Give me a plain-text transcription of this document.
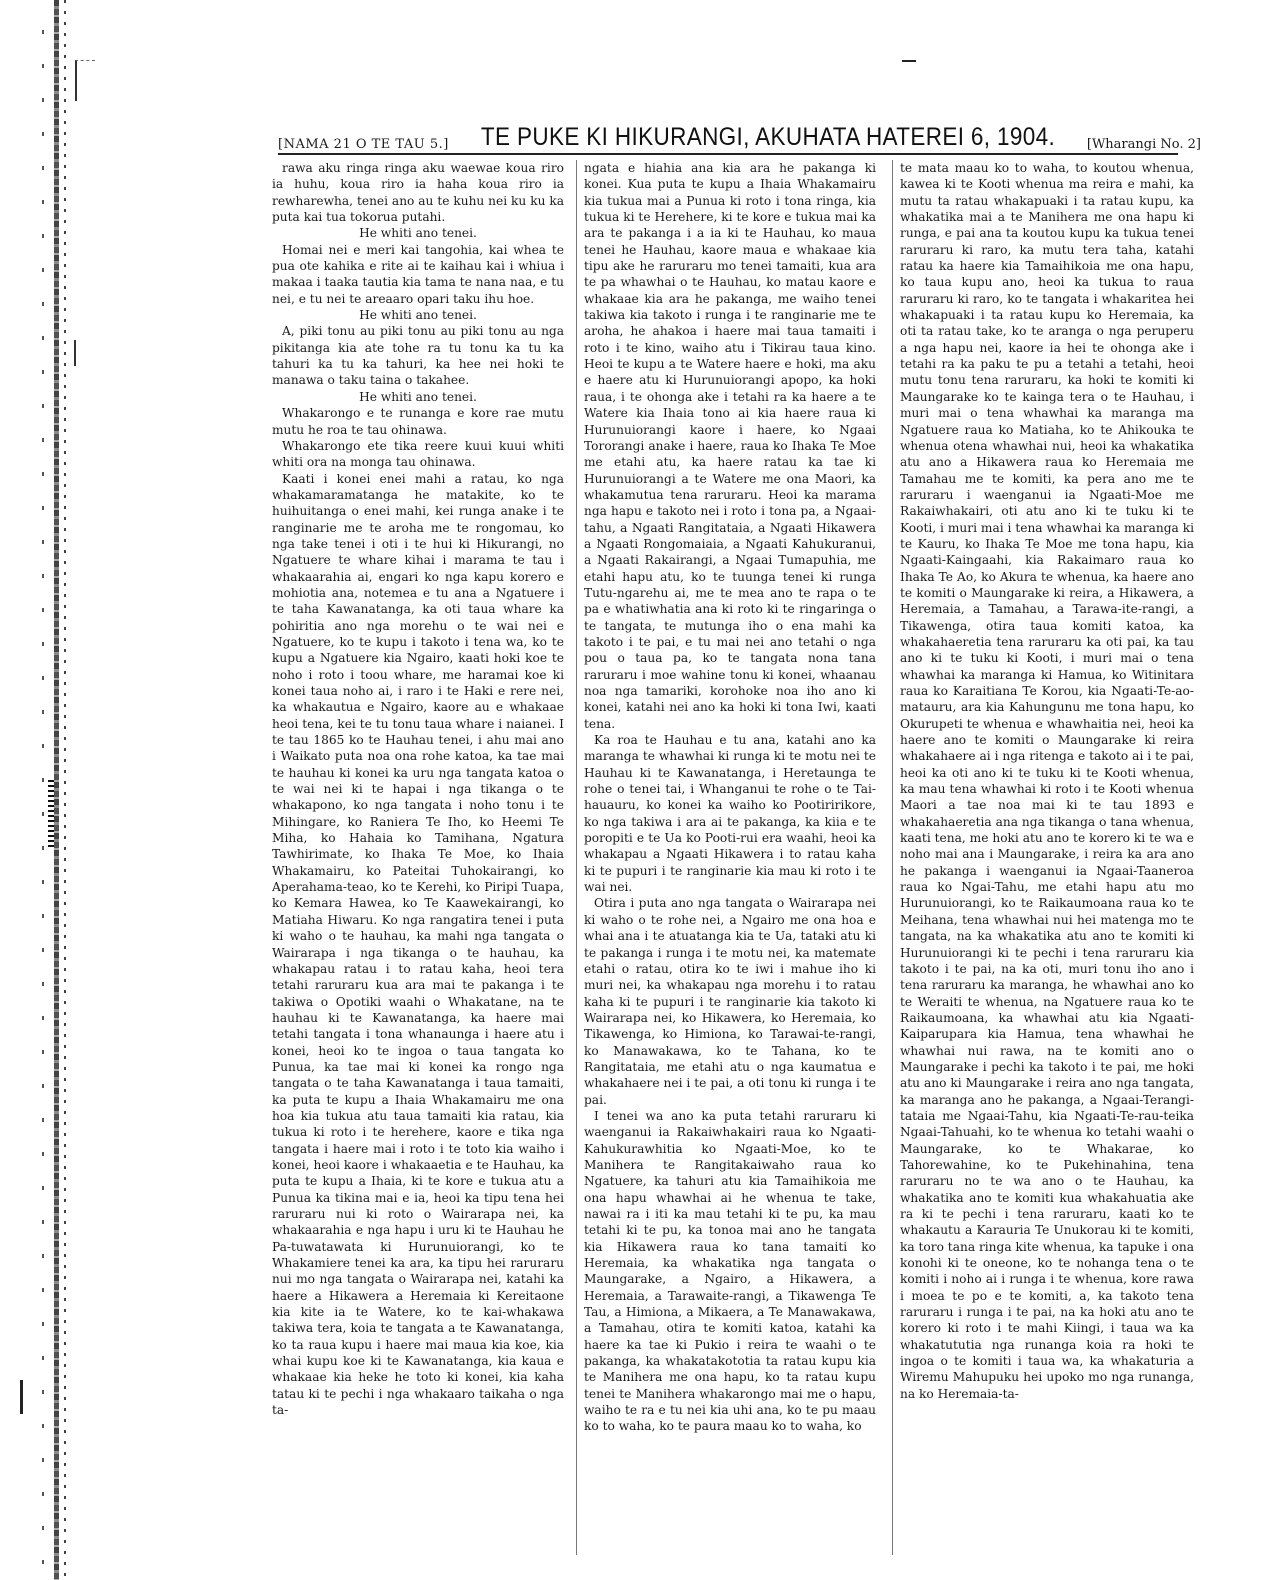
[NAMA 21 O TE TAU 5.] TE PUKE KI HIKURANGI, AKUHATA HATEREI 6, 1904. [Wharangi No. 2]

rawa aku ringa ringa aku waewae koua riro ia huhu, koua riro ia haha koua riro ia rewharewha, tenei ano au te kuhu nei ku ku ka puta kai tua tokorua putahi.

He whiti ano tenei.

Homai nei e meri kai tangohia, kai whea te pua ote kahika e rite ai te kaihau kai i whiua i makaa i taaka tautia kia tama te nana naa, e tu nei, e tu nei te areaaro opari taku ihu hoe.

He whiti ano tenei.

A, piki tonu au piki tonu au piki tonu au nga pikitanga kia ate tohe ra tu tonu ka tu ka tahuri ka tu ka tahuri, ka hee nei hoki te manawa o taku taina o takahee.

He whiti ano tenei.

Whakarongo e te runanga e kore rae mutu mutu he roa te tau ohinawa.

Whakarongo ete tika reere kuui kuui whiti whiti ora na monga tau ohinawa.

Kaati i konei enei mahi a ratau, ko nga whakamaramatanga he matakite, ko te huihuitanga o enei mahi, kei runga anake i te ranginarie me te aroha me te rongomau, ko nga take tenei i oti i te hui ki Hikurangi, no Ngatuere te whare kihai i marama te tau i whakaarahia ai, engari ko nga kapu korero e mohiotia ana, notemea e tu ana a Ngatuere i te taha Kawanatanga, ka oti taua whare ka pohiritia ano nga morehu o te wai nei e Ngatuere, ko te kupu i takoto i tena wa, ko te kupu a Ngatuere kia Ngairo, kaati hoki koe te noho i roto i toou whare, me haramai koe ki konei taua noho ai, i raro i te Haki e rere nei, ka whakautua e Ngairo, kaore au e whakaae heoi tena, kei te tu tonu taua whare i naianei. I te tau 1865 ko te Hauhau tenei, i ahu mai ano i Waikato puta noa ona rohe katoa, ka tae mai te hauhau ki konei ka uru nga tangata katoa o te wai nei ki te hapai i nga tikanga o te whakapono, ko nga tangata i noho tonu i te Mihingare, ko Raniera Te Iho, ko Heemi Te Miha, ko Hahaia ko Tamihana, Ngatura Tawhirimate, ko Ihaka Te Moe, ko Ihaia Whakamairu, ko Pateitai Tuhokairangi, ko Aperahama-teao, ko te Kerehi, ko Piripi Tuapa, ko Kemara Hawea, ko Te Kaawekairangi, ko Matiaha Hiwaru. Ko nga rangatira tenei i puta ki waho o te hauhau, ka mahi nga tangata o Wairarapa i nga tikanga o te hauhau, ka whakapau ratau i to ratau kaha, heoi tera tetahi raruraru kua ara mai te pakanga i te takiwa o Opotiki waahi o Whakatane, na te hauhau ki te Kawanatanga, ka haere mai tetahi tangata i tona whanaunga i haere atu i konei, heoi ko te ingoa o taua tangata ko Punua, ka tae mai ki konei ka rongo nga tangata o te taha Kawanatanga i taua tamaiti, ka puta te kupu a Ihaia Whakamairu me ona hoa kia tukua atu taua tamaiti kia ratau, kia tukua ki roto i te herehere, kaore e tika nga tangata i haere mai i roto i te toto kia waiho i konei, heoi kaore i whakaaetia e te Hauhau, ka puta te kupu a Ihaia, ki te kore e tukua atu a Punua ka tikina mai e ia, heoi ka tipu tena hei raruraru nui ki roto o Wairarapa nei, ka whakaarahia e nga hapu i uru ki te Hauhau he Pa-tuwatawata ki Hurunuiorangi, ko te Whakamiere tenei ka ara, ka tipu hei raruraru nui mo nga tangata o Wairarapa nei, katahi ka haere a Hikawera a Heremaia ki Kereitaone kia kite ia te Watere, ko te kai-whakawa takiwa tera, koia te tangata a te Kawanatanga, ko ta raua kupu i haere mai maua kia koe, kia whai kupu koe ki te Kawanatanga, kia kaua e whakaae kia heke he toto ki konei, kia kaha tatau ki te pechi i nga whakaaro taikaha o nga ta-

ngata e hiahia ana kia ara he pakanga ki konei. Kua puta te kupu a Ihaia Whakamairu kia tukua mai a Punua ki roto i tona ringa, kia tukua ki te Herehere, ki te kore e tukua mai ka ara te pakanga i a ia ki te Hauhau, ko maua tenei he Hauhau, kaore maua e whakaae kia tipu ake he raruraru mo tenei tamaiti, kua ara te pa whawhai o te Hauhau, ko matau kaore e whakaae kia ara he pakanga, me waiho tenei takiwa kia takoto i runga i te ranginarie me te aroha, he ahakoa i haere mai taua tamaiti i roto i te kino, waiho atu i Tikirau taua kino. Heoi te kupu a te Watere haere e hoki, ma aku e haere atu ki Hurunuiorangi apopo, ka hoki raua, i te ohonga ake i tetahi ra ka haere a te Watere kia Ihaia tono ai kia haere raua ki Hurunuiorangi kaore i haere, ko Ngaai Tororangi anake i haere, raua ko Ihaka Te Moe me etahi atu, ka haere ratau ka tae ki Hurunuiorangi a te Watere me ona Maori, ka whakamutua tena raruraru. Heoi ka marama nga hapu e takoto nei i roto i tona pa, a Ngaai-tahu, a Ngaati Rangitataia, a Ngaati Hikawera a Ngaati Rongomaiaia, a Ngaati Kahukuranui, a Ngaati Rakairangi, a Ngaai Tumapuhia, me etahi hapu atu, ko te tuunga tenei ki runga Tutu-ngarehu ai, me te mea ano te rapa o te pa e whatiwhatia ana ki roto ki te ringaringa o te tangata, te mutunga iho o ena mahi ka takoto i te pai, e tu mai nei ano tetahi o nga pou o taua pa, ko te tangata nona tana raruraru i moe wahine tonu ki konei, whaanau noa nga tamariki, korohoke noa iho ano ki konei, katahi nei ano ka hoki ki tona Iwi, kaati tena.

Ka roa te Hauhau e tu ana, katahi ano ka maranga te whawhai ki runga ki te motu nei te Hauhau ki te Kawanatanga, i Heretaunga te rohe o tenei tai, i Whanganui te rohe o te Tai-hauauru, ko konei ka waiho ko Pootiririkore, ko nga takiwa i ara ai te pakanga, ka kiia e te poropiti e te Ua ko Pooti-rui era waahi, heoi ka whakapau a Ngaati Hikawera i to ratau kaha ki te pupuri i te ranginarie kia mau ki roto i te wai nei.

Otira i puta ano nga tangata o Wairarapa nei ki waho o te rohe nei, a Ngairo me ona hoa e whai ana i te atuatanga kia te Ua, tataki atu ki te pakanga i runga i te motu nei, ka matemate etahi o ratau, otira ko te iwi i mahue iho ki muri nei, ka whakapau nga morehu i to ratau kaha ki te pupuri i te ranginarie kia takoto ki Wairarapa nei, ko Hikawera, ko Heremaia, ko Tikawenga, ko Himiona, ko Tarawai-te-rangi, ko Manawakawa, ko te Tahana, ko te Rangitataia, me etahi atu o nga kaumatua e whakahaere nei i te pai, a oti tonu ki runga i te pai.

I tenei wa ano ka puta tetahi raruraru ki waenganui ia Rakaiwhakairi raua ko Ngaati-Kahukurawhitia ko Ngaati-Moe, ko te Manihera te Rangitakaiwaho raua ko Ngatuere, ka tahuri atu kia Tamaihikoia me ona hapu whawhai ai he whenua te take, nawai ra i iti ka mau tetahi ki te pu, ka mau tetahi ki te pu, ka tonoa mai ano he tangata kia Hikawera raua ko tana tamaiti ko Heremaia, ka whakatika nga tangata o Maungarake, a Ngairo, a Hikawera, a Heremaia, a Tarawaite-rangi, a Tikawenga Te Tau, a Himiona, a Mikaera, a Te Manawakawa, a Tamahau, otira te komiti katoa, katahi ka haere ka tae ki Pukio i reira te waahi o te pakanga, ka whakatakototia ta ratau kupu kia te Manihera me ona hapu, ko ta ratau kupu tenei te Manihera whakarongo mai me o hapu, waiho te ra e tu nei kia uhi ana, ko te pu maau ko to waha, ko te paura maau ko to waha, ko

te mata maau ko to waha, to koutou whenua, kawea ki te Kooti whenua ma reira e mahi, ka mutu ta ratau whakapuaki i ta ratau kupu, ka whakatika mai a te Manihera me ona hapu ki runga, e pai ana ta koutou kupu ka tukua tenei raruraru ki raro, ka mutu tera taha, katahi ratau ka haere kia Tamaihikoia me ona hapu, ko taua kupu ano, heoi ka tukua to raua raruraru ki raro, ko te tangata i whakaritea hei whakapuaki i ta ratau kupu ko Heremaia, ka oti ta ratau take, ko te aranga o nga peruperu a nga hapu nei, kaore ia hei te ohonga ake i tetahi ra ka paku te pu a tetahi a tetahi, heoi mutu tonu tena raruraru, ka hoki te komiti ki Maungarake ko te kainga tera o te Hauhau, i muri mai o tena whawhai ka maranga ma Ngatuere raua ko Matiaha, ko te Ahikouka te whenua otena whawhai nui, heoi ka whakatika atu ano a Hikawera raua ko Heremaia me Tamahau me te komiti, ka pera ano me te raruraru i waenganui ia Ngaati-Moe me Rakaiwhakairi, oti atu ano ki te tuku ki te Kooti, i muri mai i tena whawhai ka maranga ki te Kauru, ko Ihaka Te Moe me tona hapu, kia Ngaati-Kaingaahi, kia Rakaimaro raua ko Ihaka Te Ao, ko Akura te whenua, ka haere ano te komiti o Maungarake ki reira, a Hikawera, a Heremaia, a Tamahau, a Tarawa-ite-rangi, a Tikawenga, otira taua komiti katoa, ka whakahaeretia tena raruraru ka oti pai, ka tau ano ki te tuku ki Kooti, i muri mai o tena whawhai ka maranga ki Hamua, ko Witinitara raua ko Karaitiana Te Korou, kia Ngaati-Te-ao-matauru, ara kia Kahungunu me tona hapu, ko Okurupeti te whenua e whawhaitia nei, heoi ka haere ano te komiti o Maungarake ki reira whakahaere ai i nga ritenga e takoto ai i te pai, heoi ka oti ano ki te tuku ki te Kooti whenua, ka mau tena whawhai ki roto i te Kooti whenua Maori a tae noa mai ki te tau 1893 e whakahaeretia ana nga tikanga o tana whenua, kaati tena, me hoki atu ano te korero ki te wa e noho mai ana i Maungarake, i reira ka ara ano he pakanga i waenganui ia Ngaai-Taaneroa raua ko Ngai-Tahu, me etahi hapu atu mo Hurunuiorangi, ko te Raikaumoana raua ko te Meihana, tena whawhai nui hei matenga mo te tangata, na ka whakatika atu ano te komiti ki Hurunuiorangi ki te pechi i tena raruraru kia takoto i te pai, na ka oti, muri tonu iho ano i tena raruraru ka maranga, he whawhai ano ko te Weraiti te whenua, na Ngatuere raua ko te Raikaumoana, ka whawhai atu kia Ngaati-Kaiparupara kia Hamua, tena whawhai he whawhai nui rawa, na te komiti ano o Maungarake i pechi ka takoto i te pai, me hoki atu ano ki Maungarake i reira ano nga tangata, ka maranga ano he pakanga, a Ngaai-Terangi-tataia me Ngaai-Tahu, kia Ngaati-Te-rau-teika Ngaai-Tahuahi, ko te whenua ko tetahi waahi o Maungarake, ko te Whakarae, ko Tahorewahine, ko te Pukehinahina, tena raruraru no te wa ano o te Hauhau, ka whakatika ano te komiti kua whakahuatia ake ra ki te pechi i tena raruraru, kaati ko te whakautu a Karauria Te Unukorau ki te komiti, ka toro tana ringa kite whenua, ka tapuke i ona konohi ki te oneone, ko te nohanga tena o te komiti i noho ai i runga i te whenua, kore rawa i moea te po e te komiti, a, ka takoto tena raruraru i runga i te pai, na ka hoki atu ano te korero ki roto i te mahi Kiingi, i taua wa ka whakatututia nga runanga koia ra hoki te ingoa o te komiti i taua wa, ka whakaturia a Wiremu Mahupuku hei upoko mo nga runanga, na ko Heremaia-ta-
